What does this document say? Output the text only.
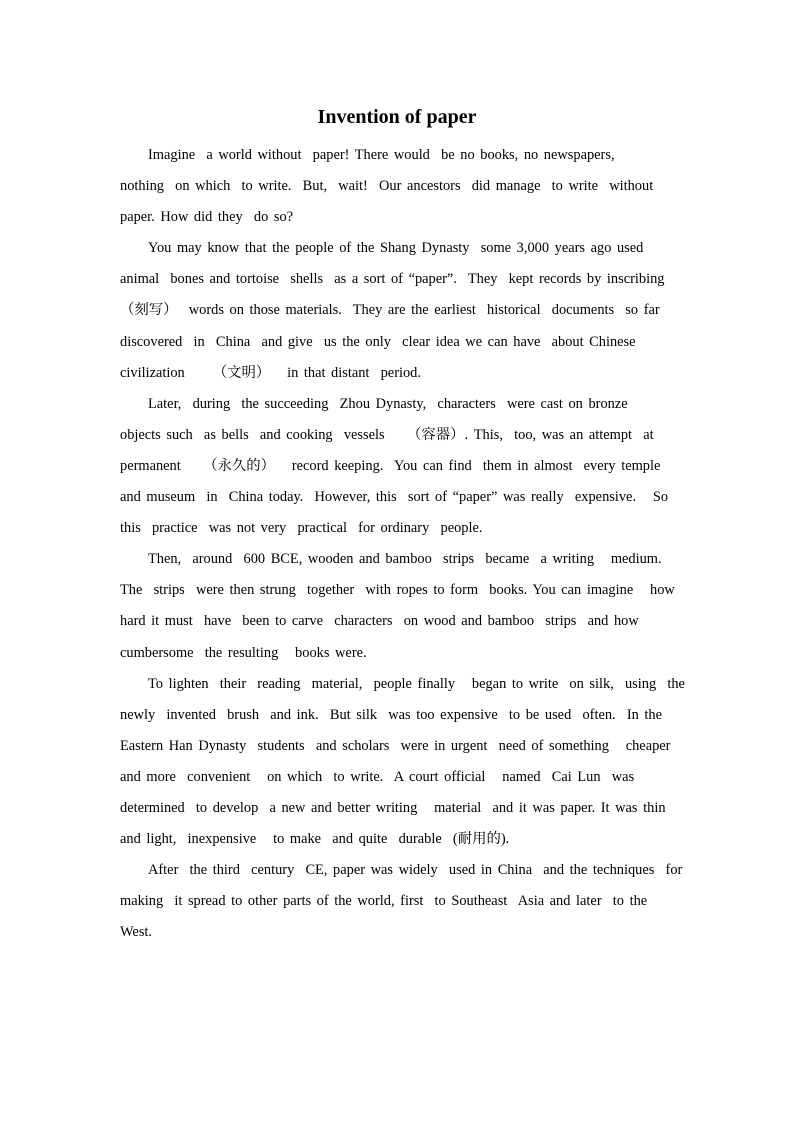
Invention of paper

Imagine  a world without  paper! There would  be no books, no newspapers,
nothing  on which  to write.  But,  wait!  Our ancestors  did manage  to write  without
paper. How did they  do so?

You may know that the people of the Shang Dynasty  some 3,000 years ago used
animal  bones and tortoise  shells  as a sort of “paper”.  They  kept records by inscribing
（刻写）  words on those materials.  They are the earliest  historical  documents  so far
discovered  in  China  and give  us the only  clear idea we can have  about Chinese
civilization     （文明）   in that distant  period.

Later,  during  the succeeding  Zhou Dynasty,  characters  were cast on bronze
objects such  as bells  and cooking  vessels    （容器）. This,  too, was an attempt  at
permanent    （永久的）   record keeping.  You can find  them in almost  every temple
and museum  in  China today.  However, this  sort of “paper” was really  expensive.   So
this  practice  was not very  practical  for ordinary  people.

Then,  around  600 BCE, wooden and bamboo  strips  became  a writing   medium.
The  strips  were then strung  together  with ropes to form  books. You can imagine   how
hard it must  have  been to carve  characters  on wood and bamboo  strips  and how
cumbersome  the resulting   books were.

To lighten  their  reading  material,  people finally   began to write  on silk,  using  the
newly  invented  brush  and ink.  But silk  was too expensive  to be used  often.  In the
Eastern Han Dynasty  students  and scholars  were in urgent  need of something   cheaper
and more  convenient   on which  to write.  A court official   named  Cai Lun  was
determined  to develop  a new and better writing   material  and it was paper. It was thin
and light,  inexpensive   to make  and quite  durable  (耐用的).

After  the third  century  CE, paper was widely  used in China  and the techniques  for
making  it spread to other parts of the world, first  to Southeast  Asia and later  to the
West.
